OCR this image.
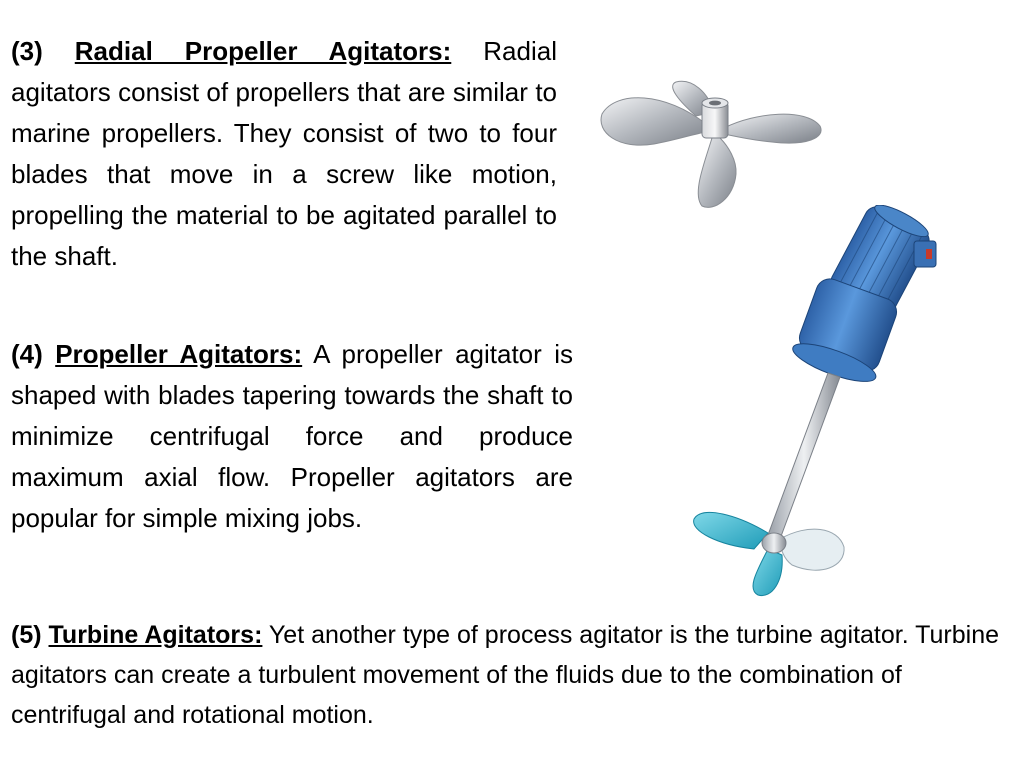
(3) Radial Propeller Agitators: Radial agitators consist of propellers that are similar to marine propellers. They consist of two to four blades that move in a screw like motion, propelling the material to be agitated parallel to the shaft.

(4) Propeller Agitators: A propeller agitator is shaped with blades tapering towards the shaft to minimize centrifugal force and produce maximum axial flow. Propeller agitators are popular for simple mixing jobs.

(5) Turbine Agitators: Yet another type of process agitator is the turbine agitator. Turbine agitators can create a turbulent movement of the fluids due to the combination of centrifugal and rotational motion.
